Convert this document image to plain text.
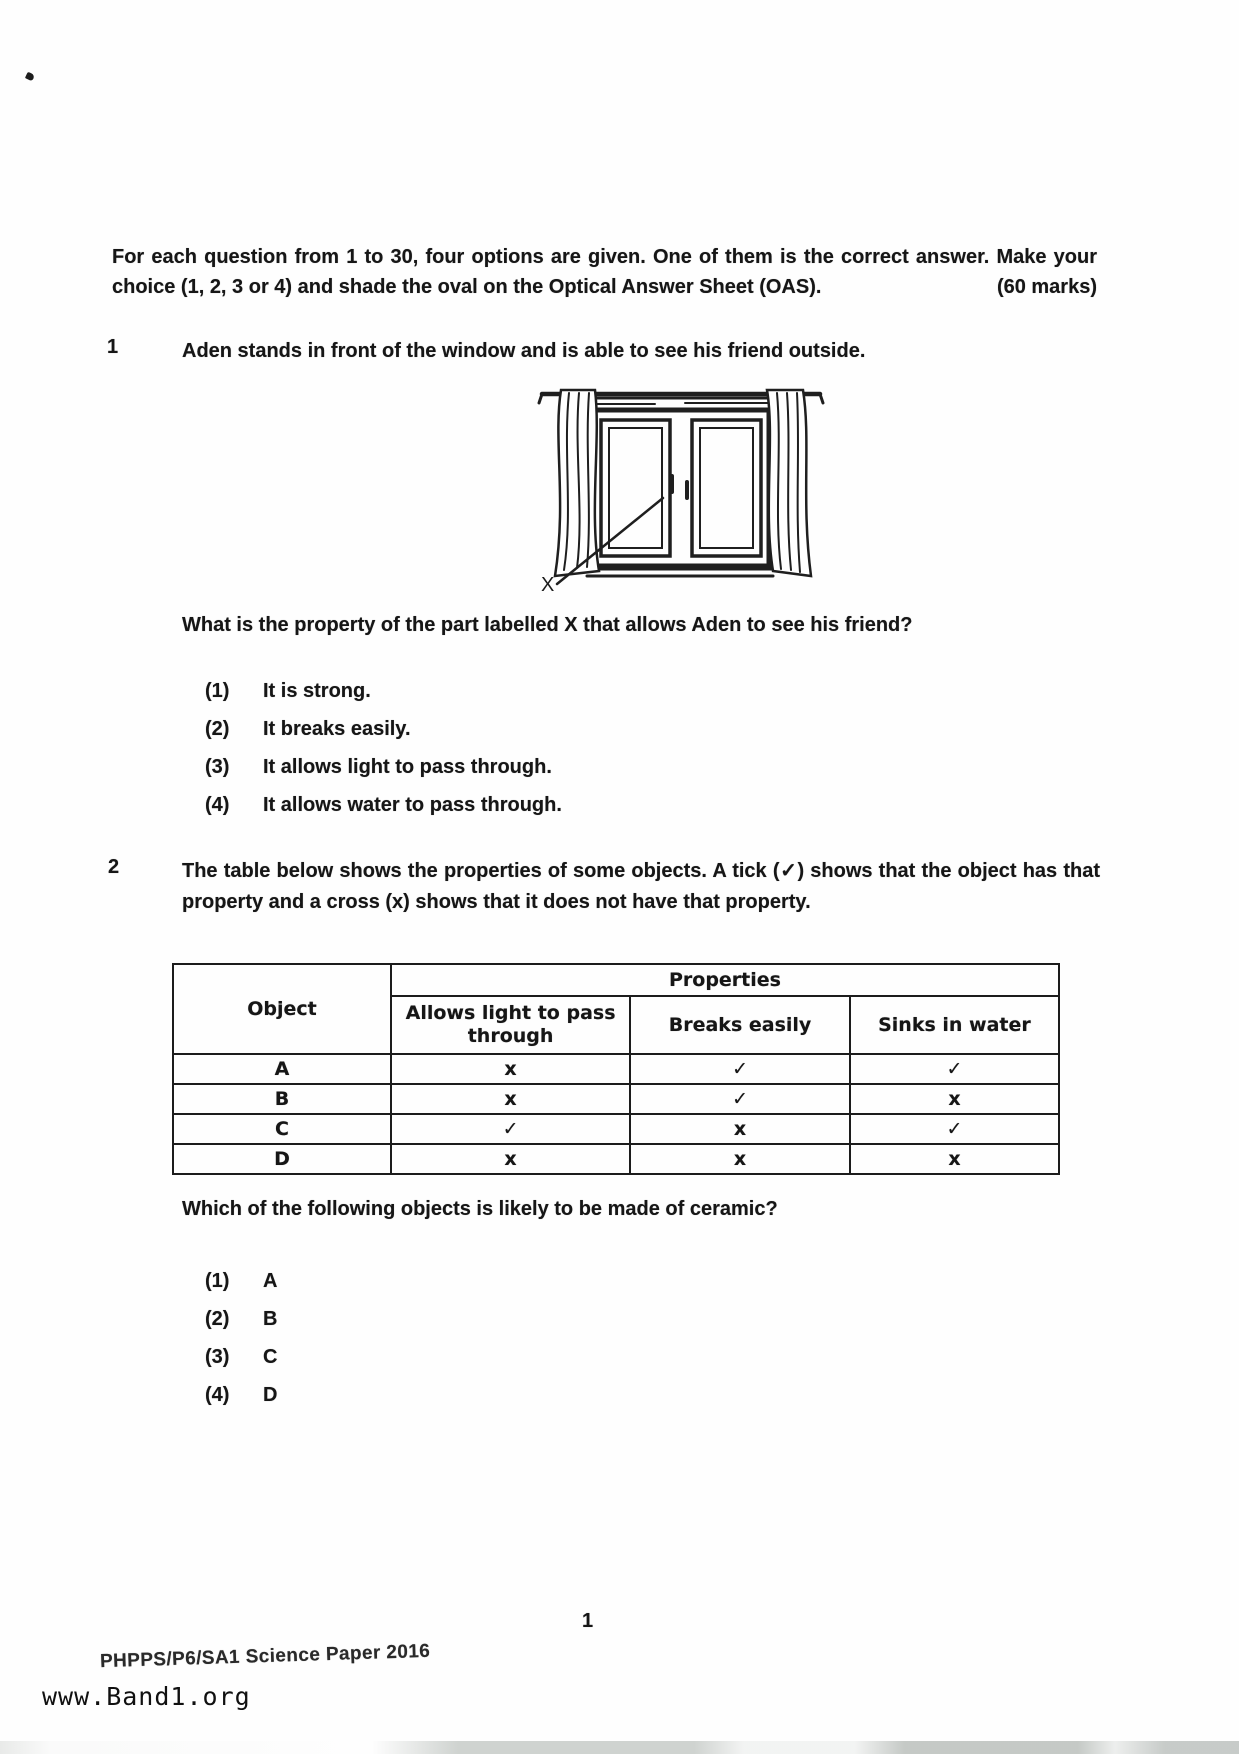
For each question from 1 to 30, four options are given. One of them is the correct answer. Make your choice (1, 2, 3 or 4) and shade the oval on the Optical Answer Sheet (OAS).	(60 marks)

1	Aden stands in front of the window and is able to see his friend outside.
X
What is the property of the part labelled X that allows Aden to see his friend?
(1)	It is strong.
(2)	It breaks easily.
(3)	It allows light to pass through.
(4)	It allows water to pass through.
2	The table below shows the properties of some objects. A tick (✓) shows that the object has that property and a cross (x) shows that it does not have that property.
Object	Properties		
	Allows light to pass through	Breaks easily	Sinks in water
A	x	✓	✓
B	x	✓	x
C	✓	x	✓
D	x	x	x
Which of the following objects is likely to be made of ceramic?
(1)	A
(2)	B
(3)	C
(4)	D
1
PHPPS/P6/SA1 Science Paper 2016
www.Band1.org
